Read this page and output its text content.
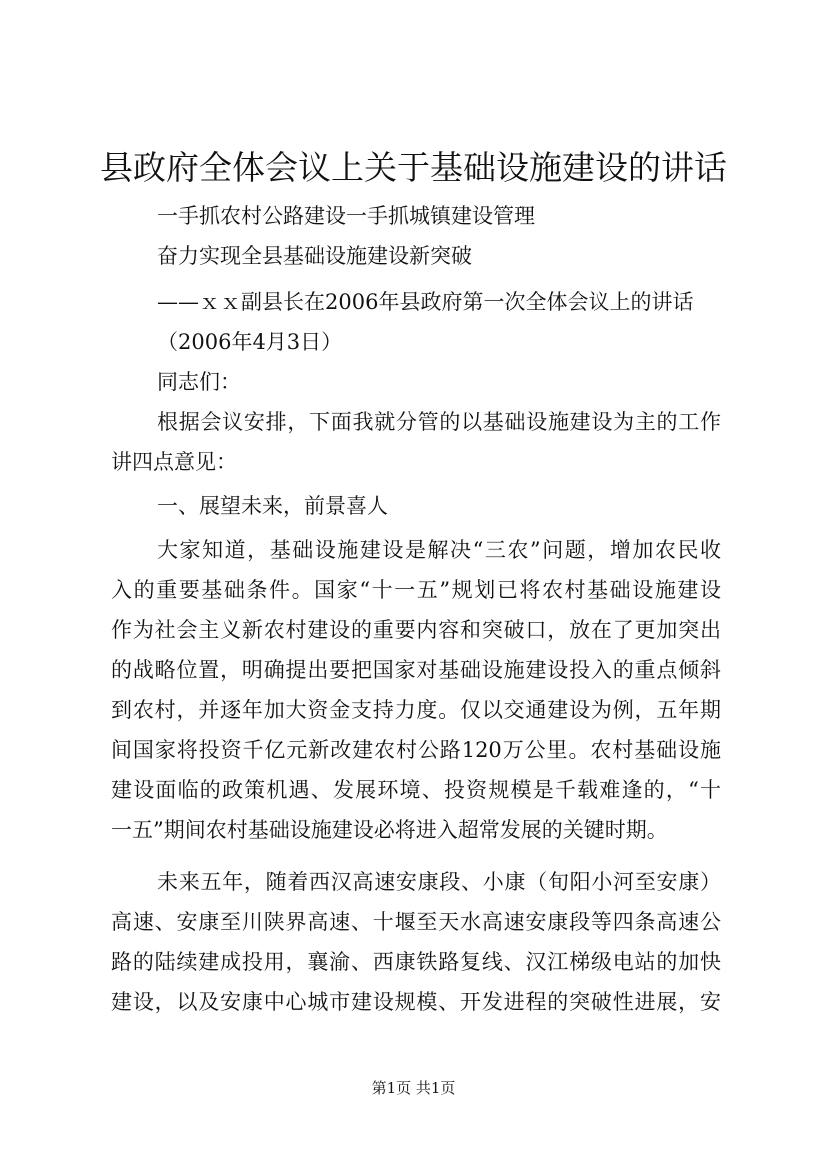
县政府全体会议上关于基础设施建设的讲话
一手抓农村公路建设一手抓城镇建设管理
奋力实现全县基础设施建设新突破
——ｘｘ副县长在2006年县政府第一次全体会议上的讲话
（2006年4月3日）
同志们：
根据会议安排，下面我就分管的以基础设施建设为主的工作
讲四点意见：
一、展望未来，前景喜人
大家知道，基础设施建设是解决“三农”问题，增加农民收
入的重要基础条件。国家“十一五”规划已将农村基础设施建设
作为社会主义新农村建设的重要内容和突破口，放在了更加突出
的战略位置，明确提出要把国家对基础设施建设投入的重点倾斜
到农村，并逐年加大资金支持力度。仅以交通建设为例，五年期
间国家将投资千亿元新改建农村公路120万公里。农村基础设施
建设面临的政策机遇、发展环境、投资规模是千载难逢的，“十
一五”期间农村基础设施建设必将进入超常发展的关键时期。
未来五年，随着西汉高速安康段、小康（旬阳小河至安康）
高速、安康至川陕界高速、十堰至天水高速安康段等四条高速公
路的陆续建成投用，襄渝、西康铁路复线、汉江梯级电站的加快
建设，以及安康中心城市建设规模、开发进程的突破性进展，安
第1页 共1页
